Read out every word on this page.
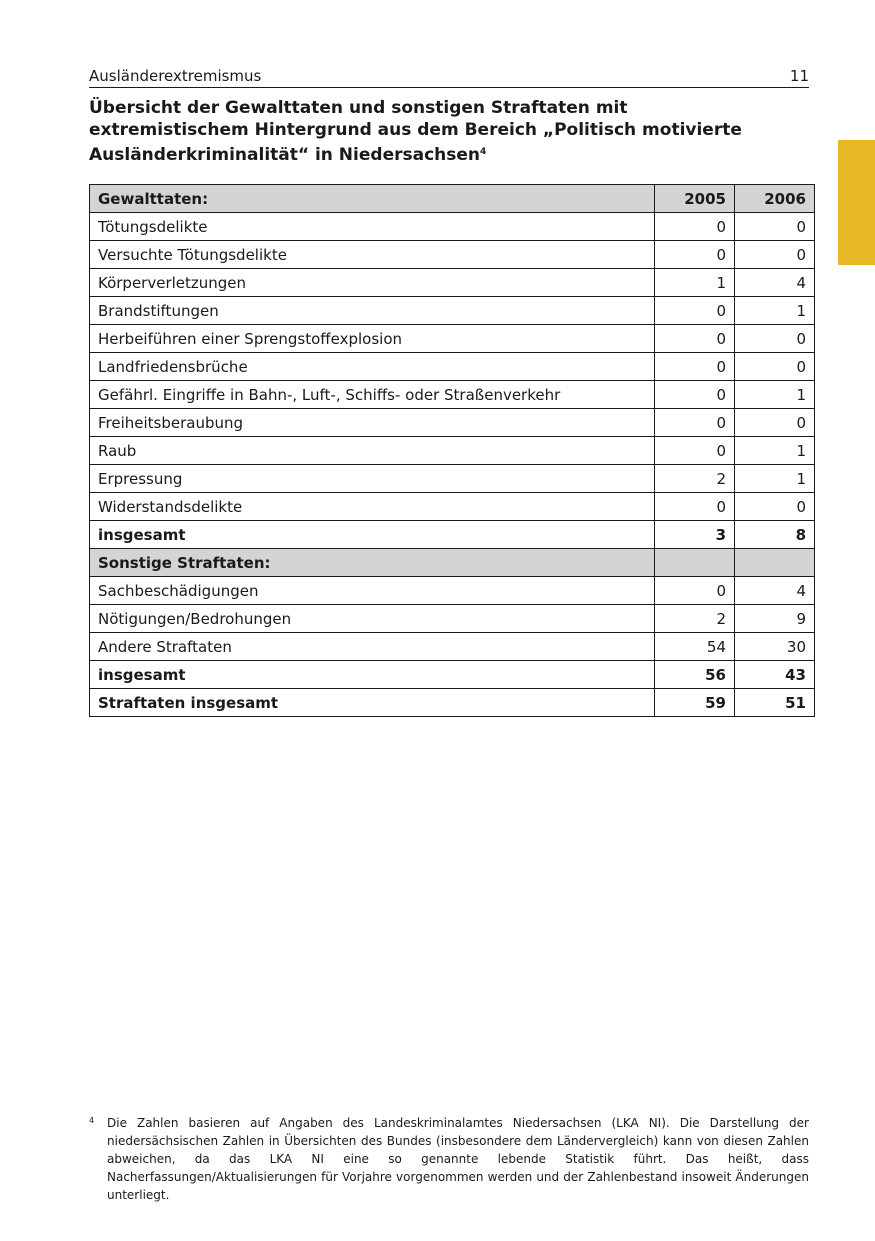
Ausländerextremismus	11
Übersicht der Gewalttaten und sonstigen Straftaten mit extremistischem Hintergrund aus dem Bereich „Politisch motivierte Ausländerkriminalität“ in Niedersachsen$^4$
Gewalttaten:	2005	2006
Tötungsdelikte	0	0
Versuchte Tötungsdelikte	0	0
Körperverletzungen	1	4
Brandstiftungen	0	1
Herbeiführen einer Sprengstoffexplosion	0	0
Landfriedensbrüche	0	0
Gefährl. Eingriffe in Bahn-, Luft-, Schiffs- oder Straßenverkehr	0	1
Freiheitsberaubung	0	0
Raub	0	1
Erpressung	2	1
Widerstandsdelikte	0	0
insgesamt	3	8
Sonstige Straftaten:		
Sachbeschädigungen	0	4
Nötigungen/Bedrohungen	2	9
Andere Straftaten	54	30
insgesamt	56	43
Straftaten insgesamt	59	51
4	Die Zahlen basieren auf Angaben des Landeskriminalamtes Niedersachsen (LKA NI). Die Darstellung der niedersächsischen Zahlen in Übersichten des Bundes (insbesondere dem Ländervergleich) kann von diesen Zahlen abweichen, da das LKA NI eine so genannte lebende Statistik führt. Das heißt, dass Nacherfassungen/Aktualisierungen für Vorjahre vorgenommen werden und der Zahlenbestand insoweit Änderungen unterliegt.
